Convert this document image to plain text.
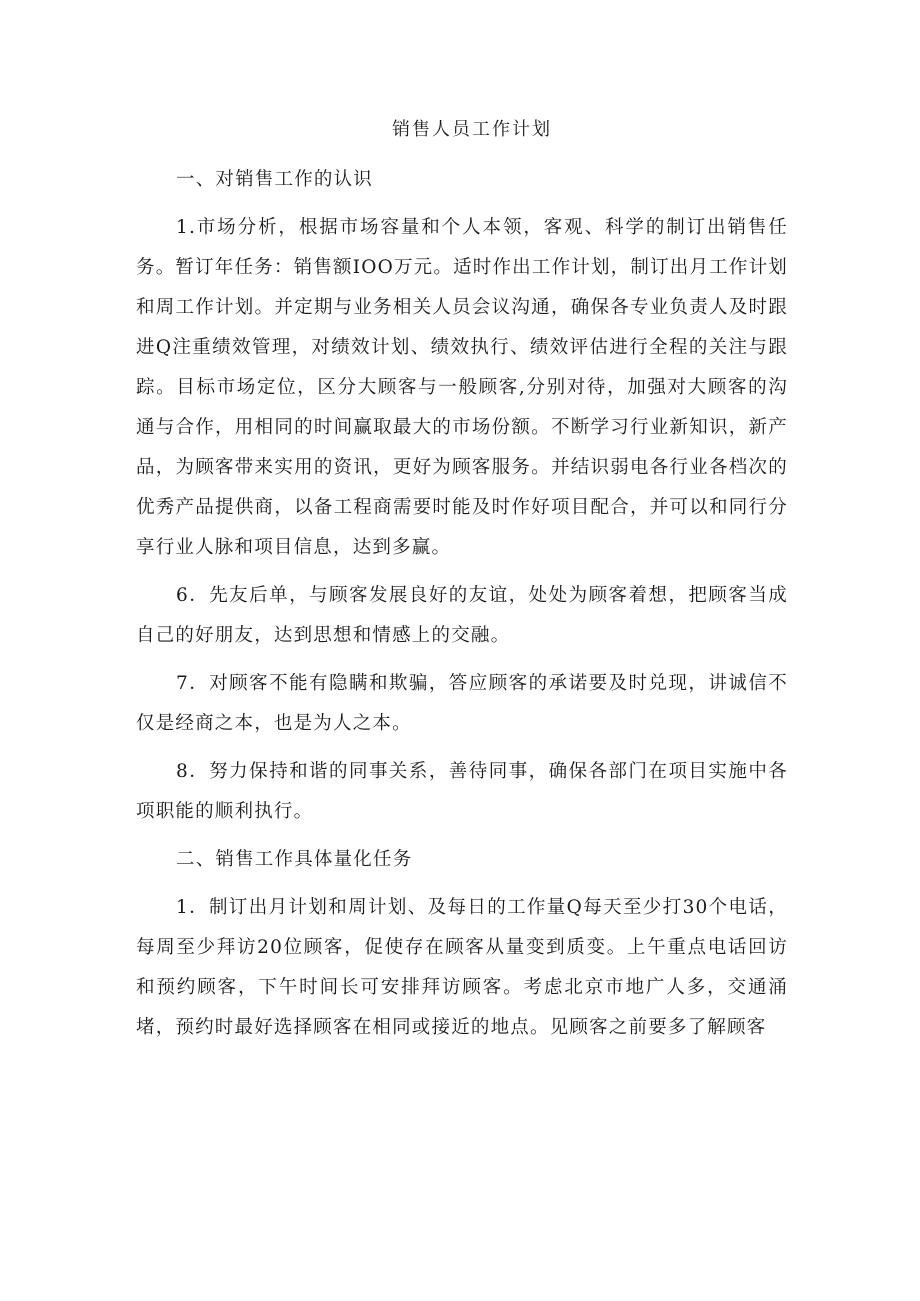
销售人员工作计划

一、对销售工作的认识

1.市场分析，根据市场容量和个人本领，客观、科学的制订出销售任务。暂订年任务：销售额IOO万元。适时作出工作计划，制订出月工作计划和周工作计划。并定期与业务相关人员会议沟通，确保各专业负责人及时跟进Q注重绩效管理，对绩效计划、绩效执行、绩效评估进行全程的关注与跟踪。目标市场定位，区分大顾客与一般顾客,分别对待，加强对大顾客的沟通与合作，用相同的时间赢取最大的市场份额。不断学习行业新知识，新产品，为顾客带来实用的资讯，更好为顾客服务。并结识弱电各行业各档次的优秀产品提供商，以备工程商需要时能及时作好项目配合，并可以和同行分享行业人脉和项目信息，达到多赢。

6．先友后单，与顾客发展良好的友谊，处处为顾客着想，把顾客当成自己的好朋友，达到思想和情感上的交融。

7．对顾客不能有隐瞒和欺骗，答应顾客的承诺要及时兑现，讲诚信不仅是经商之本，也是为人之本。

8．努力保持和谐的同事关系，善待同事，确保各部门在项目实施中各项职能的顺利执行。

二、销售工作具体量化任务

1．制订出月计划和周计划、及每日的工作量Q每天至少打30个电话，每周至少拜访20位顾客，促使存在顾客从量变到质变。上午重点电话回访和预约顾客，下午时间长可安排拜访顾客。考虑北京市地广人多，交通涌堵，预约时最好选择顾客在相同或接近的地点。见顾客之前要多了解顾客
